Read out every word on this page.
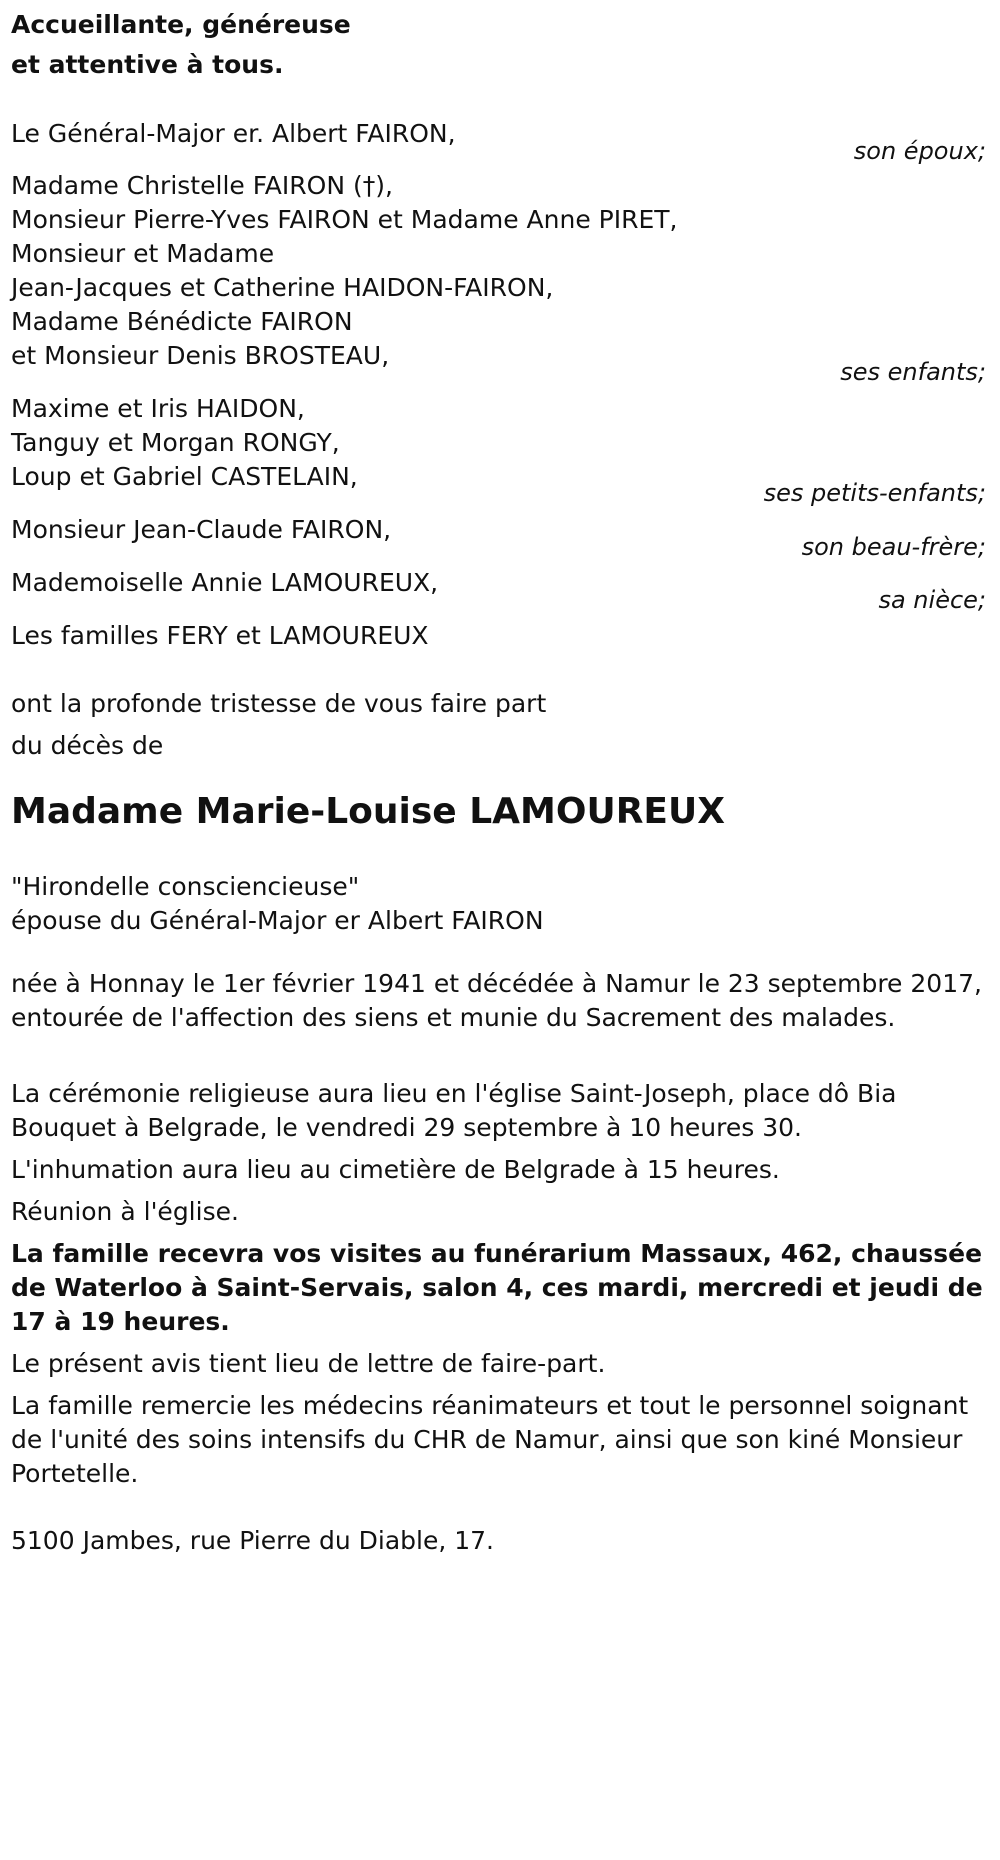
Accueillante, généreuse
et attentive à tous.
Le Général-Major er. Albert FAIRON,
son époux;
Madame Christelle FAIRON (†),
Monsieur Pierre-Yves FAIRON et Madame Anne PIRET,
Monsieur et Madame
Jean-Jacques et Catherine HAIDON-FAIRON,
Madame Bénédicte FAIRON
et Monsieur Denis BROSTEAU,
ses enfants;
Maxime et Iris HAIDON,
Tanguy et Morgan RONGY,
Loup et Gabriel CASTELAIN,
ses petits-enfants;
Monsieur Jean-Claude FAIRON,
son beau-frère;
Mademoiselle Annie LAMOUREUX,
sa nièce;
Les familles FERY et LAMOUREUX
ont la profonde tristesse de vous faire part
du décès de
Madame Marie-Louise LAMOUREUX
"Hirondelle consciencieuse"
épouse du Général-Major er Albert FAIRON
née à Honnay le 1er février 1941 et décédée à Namur le 23 septembre 2017, entourée de l'affection des siens et munie du Sacrement des malades.
La cérémonie religieuse aura lieu en l'église Saint-Joseph, place dô Bia Bouquet à Belgrade, le vendredi 29 septembre à 10 heures 30.
L'inhumation aura lieu au cimetière de Belgrade à 15 heures.
Réunion à l'église.
La famille recevra vos visites au funérarium Massaux, 462, chaussée de Waterloo à Saint-Servais, salon 4, ces mardi, mercredi et jeudi de 17 à 19 heures.
Le présent avis tient lieu de lettre de faire-part.
La famille remercie les médecins réanimateurs et tout le personnel soignant de l'unité des soins intensifs du CHR de Namur, ainsi que son kiné Monsieur Portetelle.
5100 Jambes, rue Pierre du Diable, 17.
